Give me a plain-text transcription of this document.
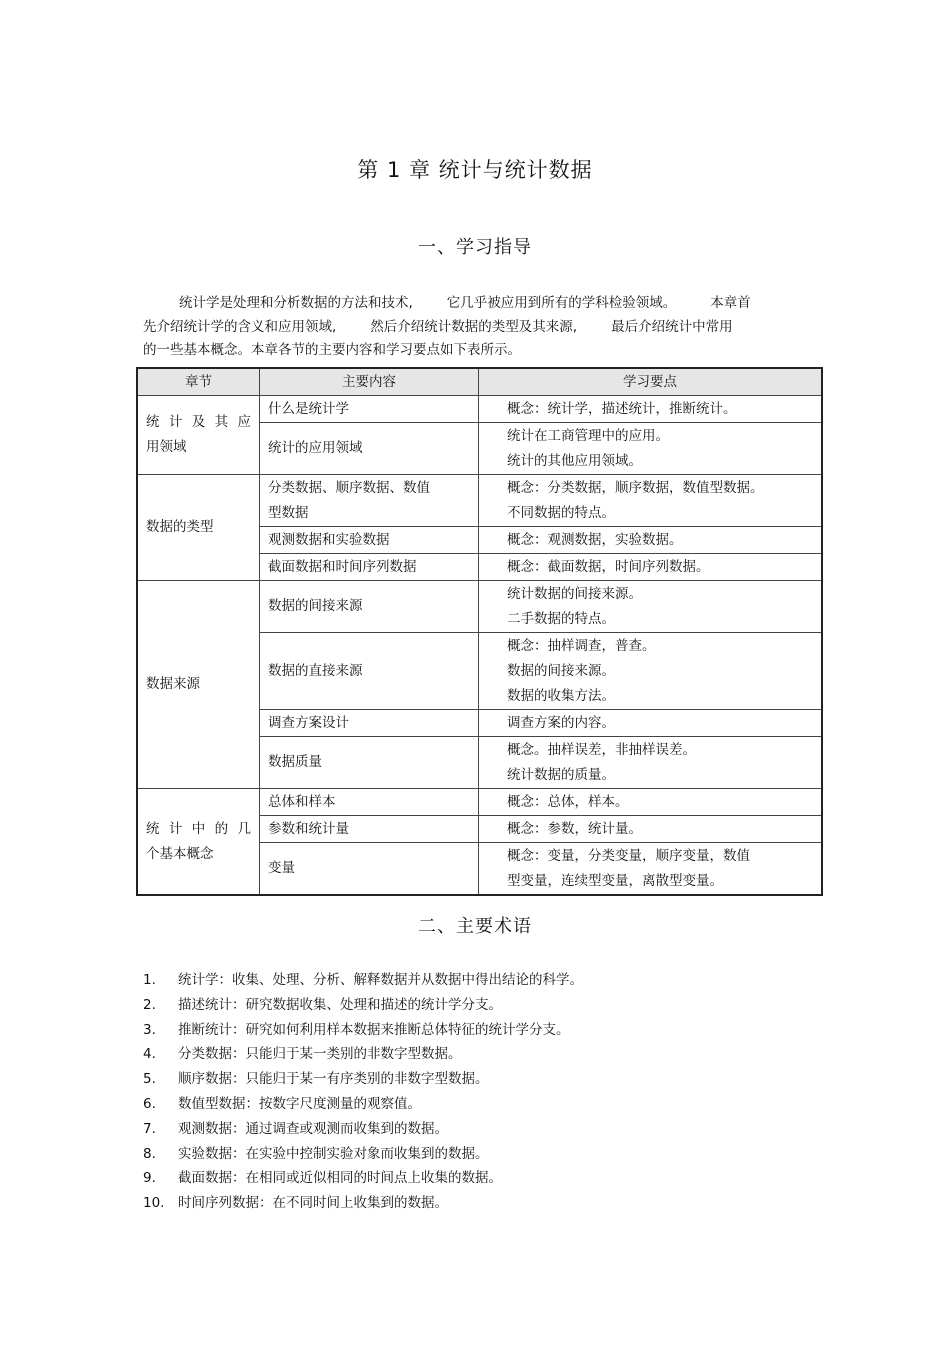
第 1 章 统计与统计数据
一、学习指导
统计学是处理和分析数据的方法和技术,	它几乎被应用到所有的学科检验领域。	本章首
先介绍统计学的含义和应用领域,	然后介绍统计数据的类型及其来源,	最后介绍统计中常用
的一些基本概念。本章各节的主要内容和学习要点如下表所示。
章节	主要内容	学习要点

统 计 及 其 应
用领域	什么是统计学	概念：统计学，描述统计，推断统计。
	统计的应用领域	统计在工商管理中的应用。
统计的其他应用领域。
数据的类型	分类数据、顺序数据、数值
型数据	概念：分类数据，顺序数据，数值型数据。
不同数据的特点。
	观测数据和实验数据	概念：观测数据，实验数据。
	截面数据和时间序列数据	概念：截面数据，时间序列数据。
数据来源	数据的间接来源	统计数据的间接来源。
二手数据的特点。
	数据的直接来源	概念：抽样调查，普查。
数据的间接来源。
数据的收集方法。
	调查方案设计	调查方案的内容。
	数据质量	概念。抽样误差，非抽样误差。
统计数据的质量。

统 计 中 的 几
个基本概念	总体和样本	概念：总体，样本。
	参数和统计量	概念：参数，统计量。
	变量	概念：变量，分类变量，顺序变量，数值
型变量，连续型变量，离散型变量。
二、主要术语
1. 统计学：收集、处理、分析、解释数据并从数据中得出结论的科学。
2. 描述统计：研究数据收集、处理和描述的统计学分支。
3. 推断统计：研究如何利用样本数据来推断总体特征的统计学分支。
4. 分类数据：只能归于某一类别的非数字型数据。
5. 顺序数据：只能归于某一有序类别的非数字型数据。
6. 数值型数据：按数字尺度测量的观察值。
7. 观测数据：通过调查或观测而收集到的数据。
8. 实验数据：在实验中控制实验对象而收集到的数据。
9. 截面数据：在相同或近似相同的时间点上收集的数据。
10. 时间序列数据：在不同时间上收集到的数据。
